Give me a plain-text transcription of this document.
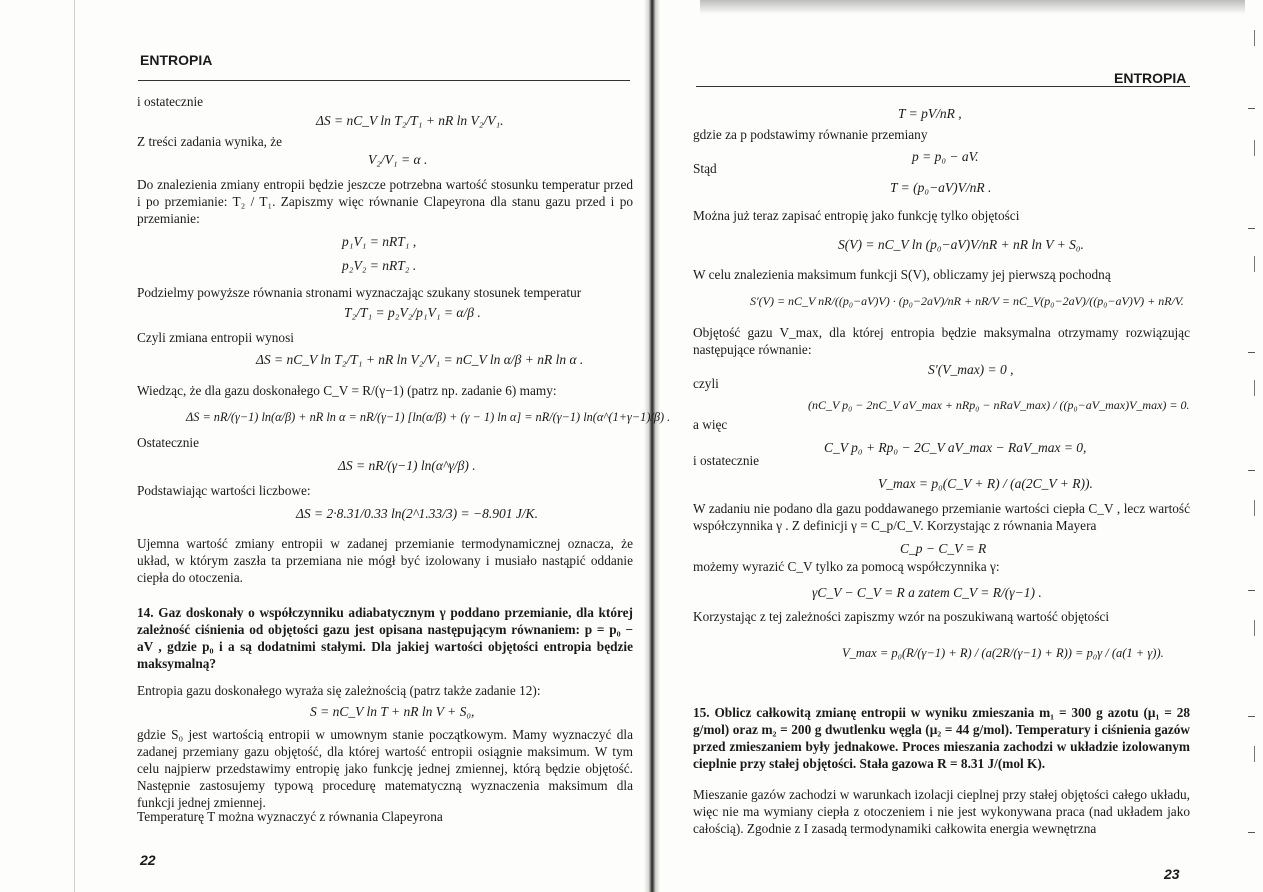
ENTROPIA
i ostatecznie
ΔS = nC_V ln T₂/T₁ + nR ln V₂/V₁.
Z treści zadania wynika, że
V₂/V₁ = α .
Do znalezienia zmiany entropii będzie jeszcze potrzebna wartość stosunku temperatur przed i po przemianie: T₂ / T₁. Zapiszmy więc równanie Clapeyrona dla stanu gazu przed i po przemianie:
p₁V₁ = nRT₁ ,
p₂V₂ = nRT₂ .
Podzielmy powyższe równania stronami wyznaczając szukany stosunek temperatur
T₂/T₁ = p₂V₂/p₁V₁ = α/β .
Czyli zmiana entropii wynosi
ΔS = nC_V ln T₂/T₁ + nR ln V₂/V₁ = nC_V ln α/β + nR ln α .
Wiedząc, że dla gazu doskonałego C_V = R/(γ−1) (patrz np. zadanie 6) mamy:
ΔS = nR/(γ−1) ln(α/β) + nR ln α = nR/(γ−1) [ln(α/β) + (γ − 1) ln α] = nR/(γ−1) ln(α^(1+γ−1)/β) .
Ostatecznie
ΔS = nR/(γ−1) ln(α^γ/β) .
Podstawiając wartości liczbowe:
ΔS = 2·8.31/0.33 ln(2^1.33/3) = −8.901 J/K.
Ujemna wartość zmiany entropii w zadanej przemianie termodynamicznej oznacza, że układ, w którym zaszła ta przemiana nie mógł być izolowany i musiało nastąpić oddanie ciepła do otoczenia.
14. Gaz doskonały o współczynniku adiabatycznym γ poddano przemianie, dla której zależność ciśnienia od objętości gazu jest opisana następującym równaniem: p = p₀ − aV , gdzie p₀ i a są dodatnimi stałymi. Dla jakiej wartości objętości entropia będzie maksymalną?
Entropia gazu doskonałego wyraża się zależnością (patrz także zadanie 12):
S = nC_V ln T + nR ln V + S₀,
gdzie S₀ jest wartością entropii w umownym stanie początkowym. Mamy wyznaczyć dla zadanej przemiany gazu objętość, dla której wartość entropii osiągnie maksimum. W tym celu najpierw przedstawimy entropię jako funkcję jednej zmiennej, którą będzie objętość. Następnie zastosujemy typową procedurę matematyczną wyznaczenia maksimum dla funkcji jednej zmiennej.
Temperaturę T można wyznaczyć z równania Clapeyrona
22
ENTROPIA
T = pV/nR ,
gdzie za p podstawimy równanie przemiany
p = p₀ − aV.
Stąd
T = (p₀−aV)V/nR .
Można już teraz zapisać entropię jako funkcję tylko objętości
S(V) = nC_V ln (p₀−aV)V/nR + nR ln V + S₀.
W celu znalezienia maksimum funkcji S(V), obliczamy jej pierwszą pochodną
S′(V) = nC_V nR/((p₀−aV)V) · (p₀−2aV)/nR + nR/V = nC_V(p₀−2aV)/((p₀−aV)V) + nR/V.
Objętość gazu V_max, dla której entropia będzie maksymalna otrzymamy rozwiązując następujące równanie:
S′(V_max) = 0 ,
czyli
(nC_V p₀ − 2nC_V aV_max + nRp₀ − nRaV_max) / ((p₀−aV_max)V_max) = 0.
a więc
C_V p₀ + Rp₀ − 2C_V aV_max − RaV_max = 0,
i ostatecznie
V_max = p₀(C_V + R) / (a(2C_V + R)).
W zadaniu nie podano dla gazu poddawanego przemianie wartości ciepła C_V , lecz wartość współczynnika γ . Z definicji γ = C_p/C_V. Korzystając z równania Mayera
C_p − C_V = R
możemy wyrazić C_V tylko za pomocą współczynnika γ:
γC_V − C_V = R a zatem C_V = R/(γ−1) .
Korzystając z tej zależności zapiszmy wzór na poszukiwaną wartość objętości
V_max = p₀(R/(γ−1) + R) / (a(2R/(γ−1) + R)) = p₀γ / (a(1 + γ)).
15. Oblicz całkowitą zmianę entropii w wyniku zmieszania m₁ = 300 g azotu (μ₁ = 28 g/mol) oraz m₂ = 200 g dwutlenku węgla (μ₂ = 44 g/mol). Temperatury i ciśnienia gazów przed zmieszaniem były jednakowe. Proces mieszania zachodzi w układzie izolowanym cieplnie przy stałej objętości. Stała gazowa R = 8.31 J/(mol K).
Mieszanie gazów zachodzi w warunkach izolacji cieplnej przy stałej objętości całego układu, więc nie ma wymiany ciepła z otoczeniem i nie jest wykonywana praca (nad układem jako całością). Zgodnie z I zasadą termodynamiki całkowita energia wewnętrzna
23
